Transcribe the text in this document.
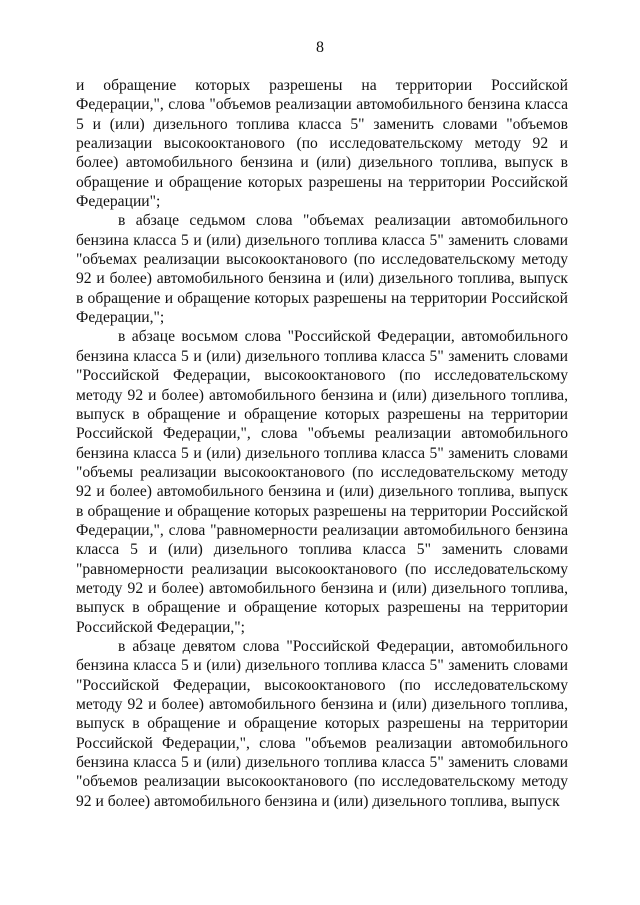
8

и обращение которых разрешены на территории Российской Федерации,", слова "объемов реализации автомобильного бензина класса 5 и (или) дизельного топлива класса 5" заменить словами "объемов реализации высокооктанового (по исследовательскому методу 92 и более) автомобильного бензина и (или) дизельного топлива, выпуск в обращение и обращение которых разрешены на территории Российской Федерации";

в абзаце седьмом слова "объемах реализации автомобильного бензина класса 5 и (или) дизельного топлива класса 5" заменить словами "объемах реализации высокооктанового (по исследовательскому методу 92 и более) автомобильного бензина и (или) дизельного топлива, выпуск в обращение и обращение которых разрешены на территории Российской Федерации,";

в абзаце восьмом слова "Российской Федерации, автомобильного бензина класса 5 и (или) дизельного топлива класса 5" заменить словами "Российской Федерации, высокооктанового (по исследовательскому методу 92 и более) автомобильного бензина и (или) дизельного топлива, выпуск в обращение и обращение которых разрешены на территории Российской Федерации,", слова "объемы реализации автомобильного бензина класса 5 и (или) дизельного топлива класса 5" заменить словами "объемы реализации высокооктанового (по исследовательскому методу 92 и более) автомобильного бензина и (или) дизельного топлива, выпуск в обращение и обращение которых разрешены на территории Российской Федерации,", слова "равномерности реализации автомобильного бензина класса 5 и (или) дизельного топлива класса 5" заменить словами "равномерности реализации высокооктанового (по исследовательскому методу 92 и более) автомобильного бензина и (или) дизельного топлива, выпуск в обращение и обращение которых разрешены на территории Российской Федерации,";

в абзаце девятом слова "Российской Федерации, автомобильного бензина класса 5 и (или) дизельного топлива класса 5" заменить словами "Российской Федерации, высокооктанового (по исследовательскому методу 92 и более) автомобильного бензина и (или) дизельного топлива, выпуск в обращение и обращение которых разрешены на территории Российской Федерации,", слова "объемов реализации автомобильного бензина класса 5 и (или) дизельного топлива класса 5" заменить словами "объемов реализации высокооктанового (по исследовательскому методу 92 и более) автомобильного бензина и (или) дизельного топлива, выпуск
